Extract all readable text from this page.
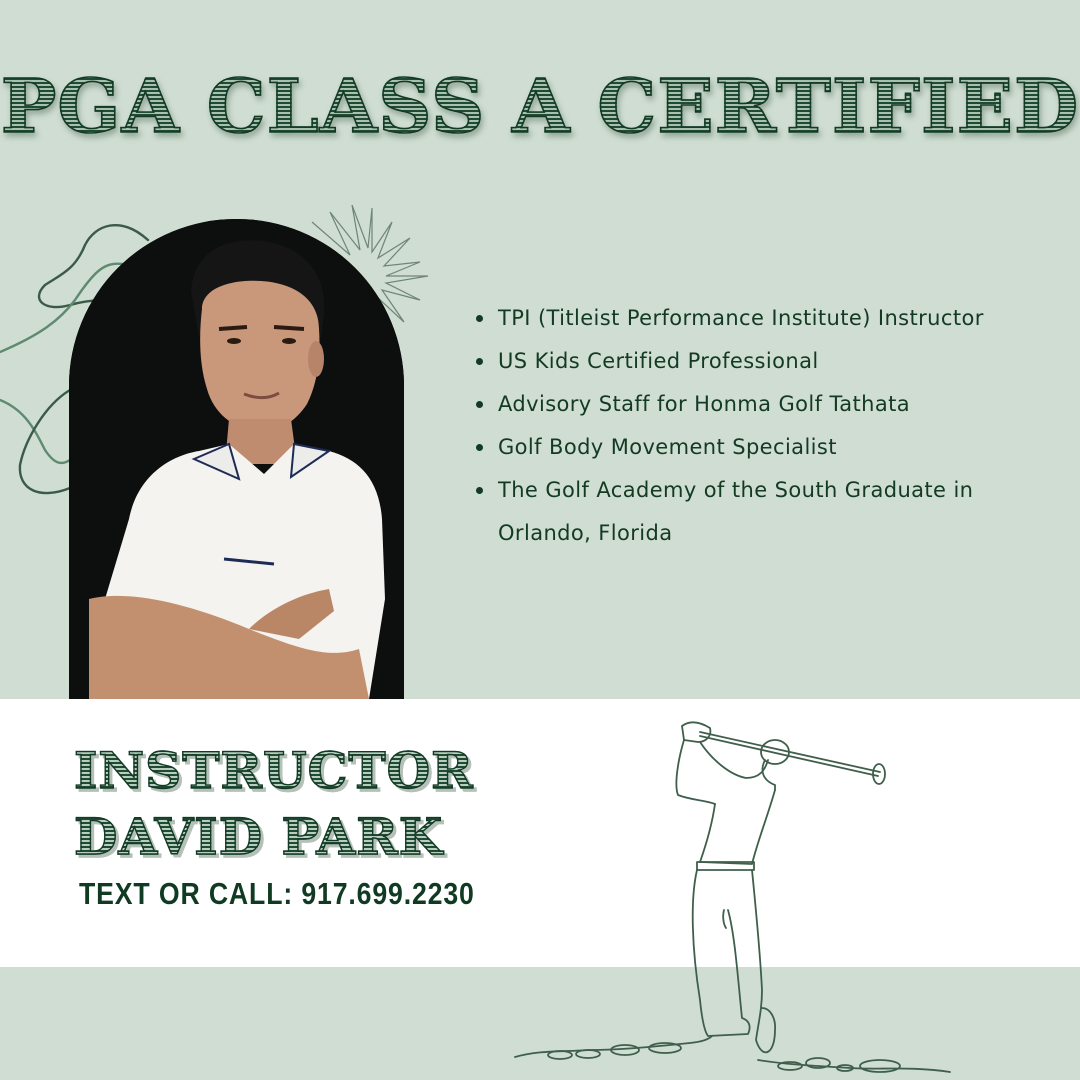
PGA CLASS A CERTIFIED
TPI (Titleist Performance Institute) Instructor
US Kids Certified Professional
Advisory Staff for Honma Golf Tathata
Golf Body Movement Specialist
The Golf Academy of the South Graduate in Orlando, Florida
INSTRUCTOR
DAVID PARK
TEXT OR CALL: 917.699.2230
